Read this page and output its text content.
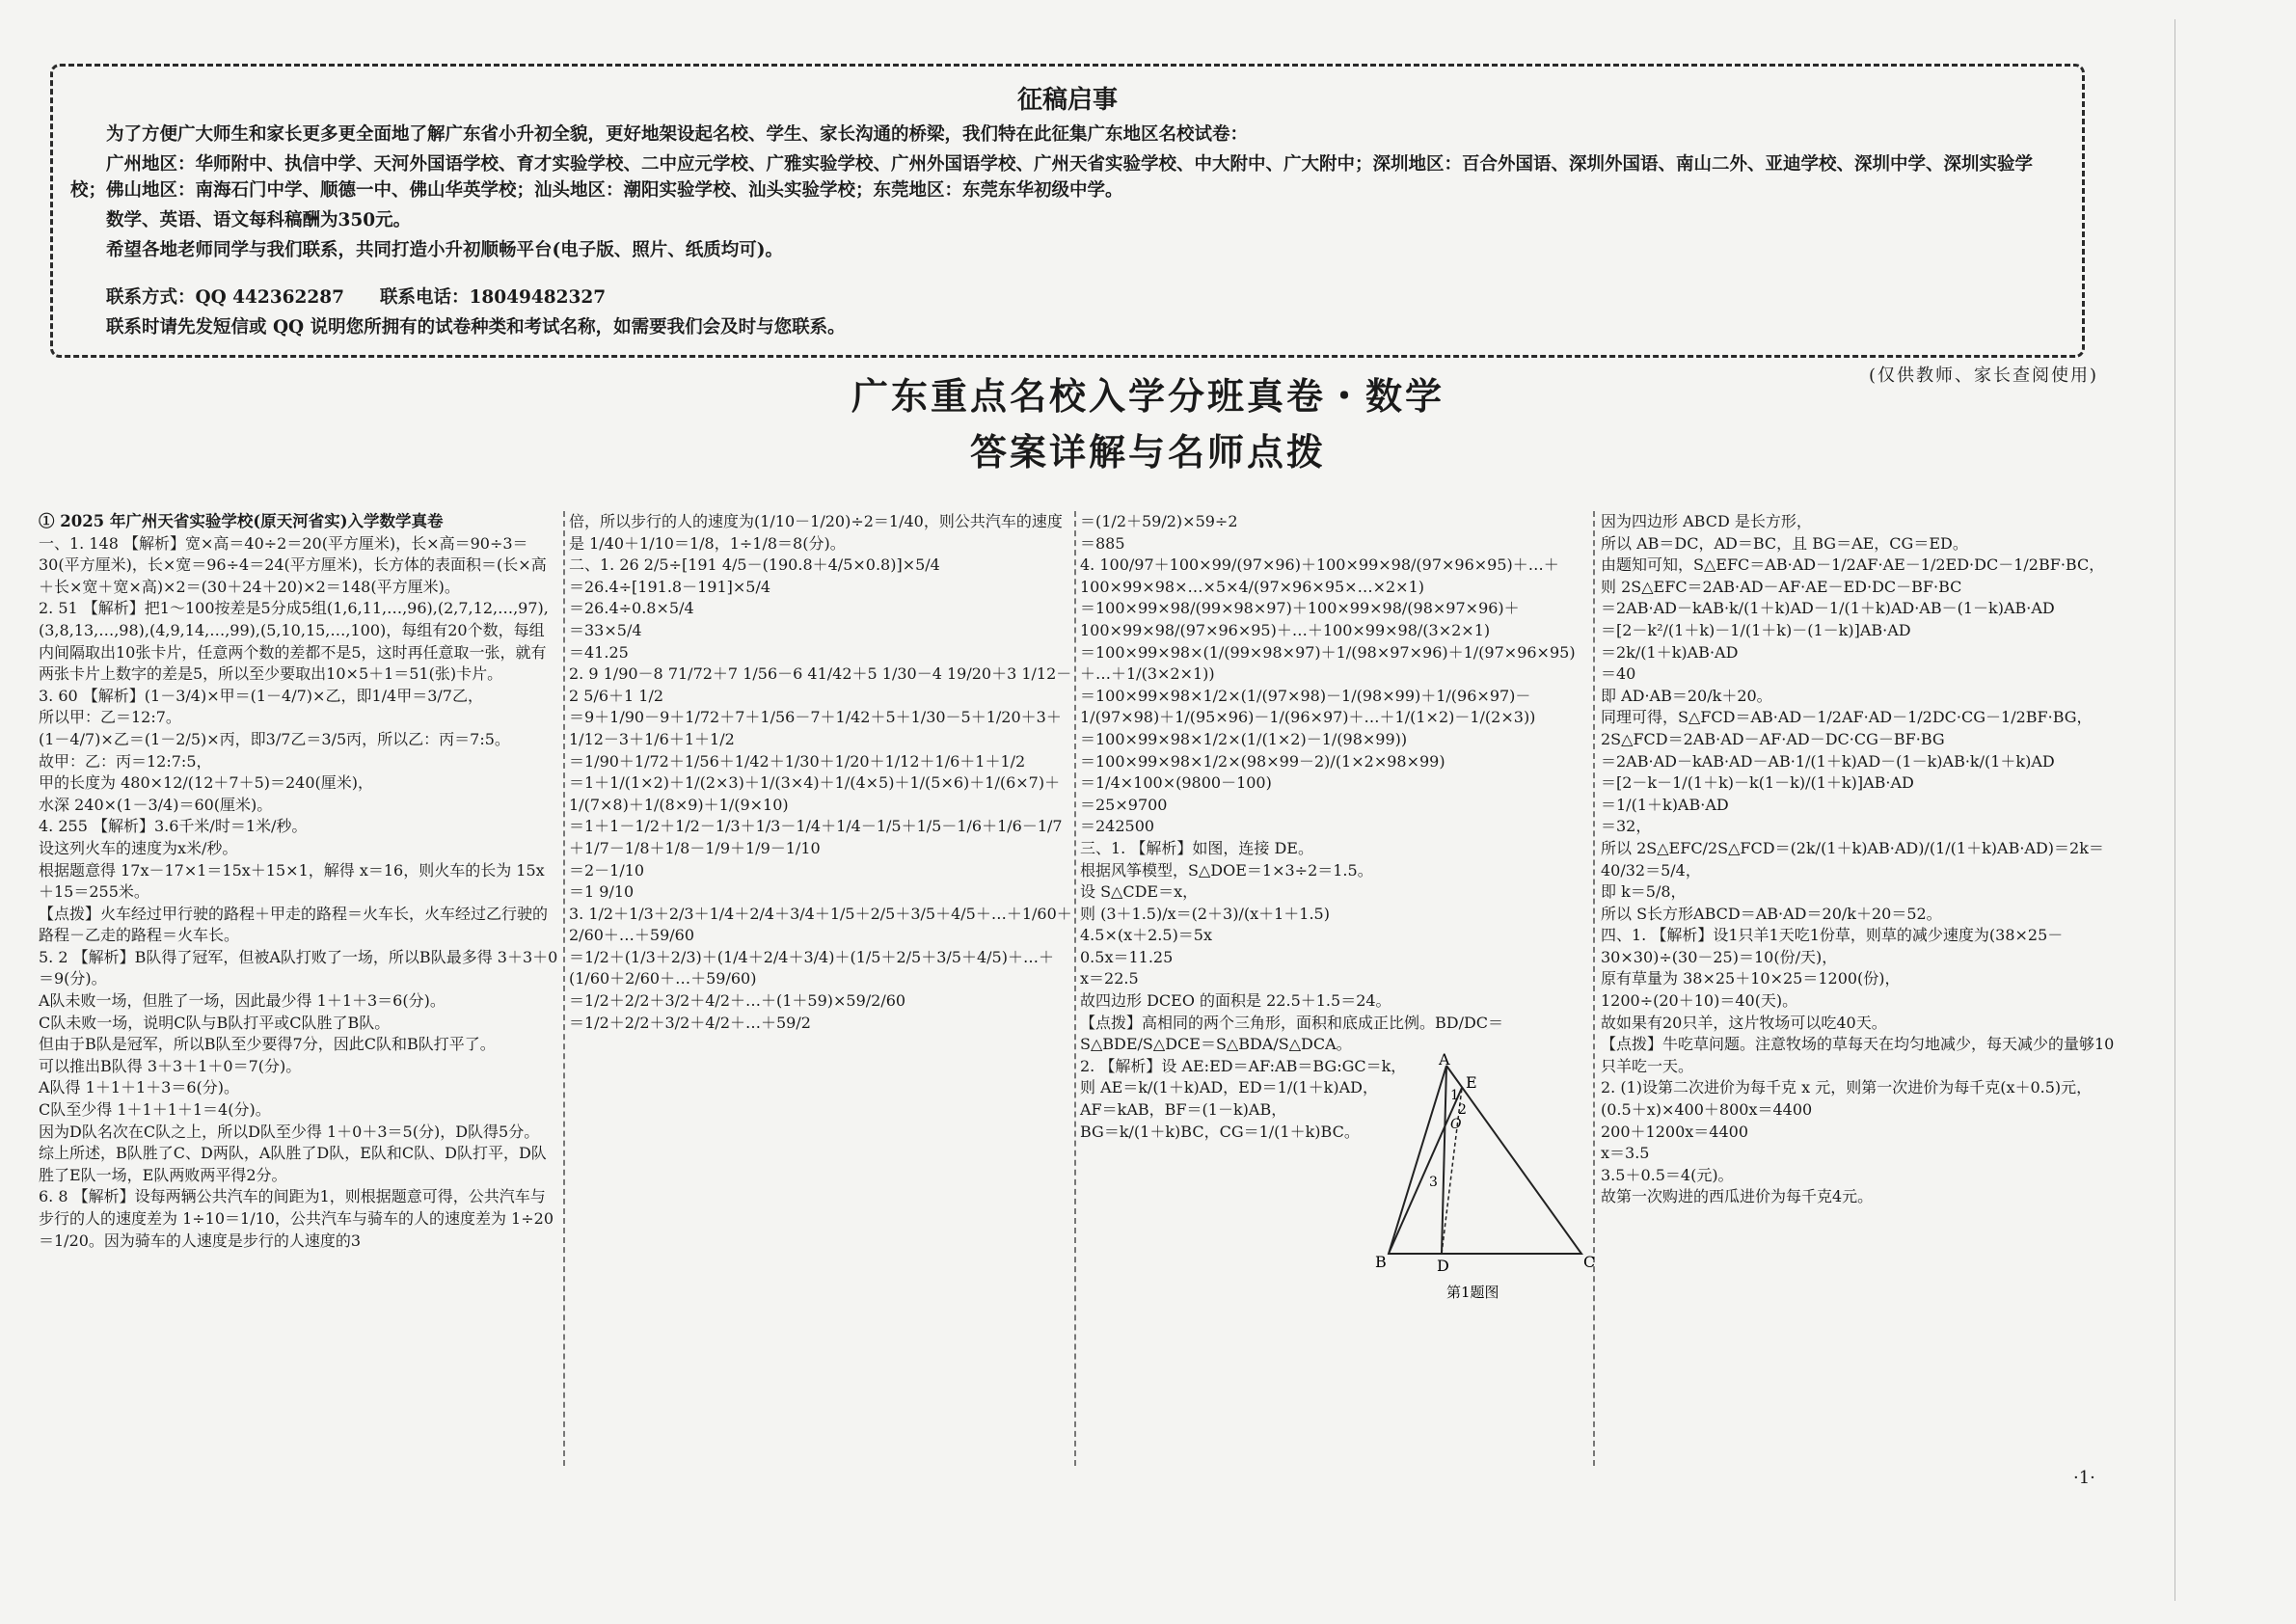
征稿启事

为了方便广大师生和家长更多更全面地了解广东省小升初全貌，更好地架设起名校、学生、家长沟通的桥梁，我们特在此征集广东地区名校试卷：

广州地区：华师附中、执信中学、天河外国语学校、育才实验学校、二中应元学校、广雅实验学校、广州外国语学校、广州天省实验学校、中大附中、广大附中；深圳地区：百合外国语、深圳外国语、南山二外、亚迪学校、深圳中学、深圳实验学校；佛山地区：南海石门中学、顺德一中、佛山华英学校；汕头地区：潮阳实验学校、汕头实验学校；东莞地区：东莞东华初级中学。

数学、英语、语文每科稿酬为350元。

希望各地老师同学与我们联系，共同打造小升初顺畅平台(电子版、照片、纸质均可)。

联系方式：QQ 442362287　　联系电话：18049482327

联系时请先发短信或 QQ 说明您所拥有的试卷种类和考试名称，如需要我们会及时与您联系。

(仅供教师、家长查阅使用)
广东重点名校入学分班真卷・数学
答案详解与名师点拨

① 2025 年广州天省实验学校(原天河省实)入学数学真卷

一、1. 148 【解析】宽×高＝40÷2＝20(平方厘米)，长×高＝90÷3＝30(平方厘米)，长×宽＝96÷4＝24(平方厘米)，长方体的表面积＝(长×高＋长×宽＋宽×高)×2＝(30＋24＋20)×2＝148(平方厘米)。

2. 51 【解析】把1～100按差是5分成5组(1,6,11,…,96),(2,7,12,…,97),(3,8,13,…,98),(4,9,14,…,99),(5,10,15,…,100)，每组有20个数，每组内间隔取出10张卡片，任意两个数的差都不是5，这时再任意取一张，就有两张卡片上数字的差是5，所以至少要取出10×5＋1＝51(张)卡片。

3. 60 【解析】(1－3/4)×甲＝(1－4/7)×乙，即1/4甲＝3/7乙，

所以甲：乙＝12:7。

(1－4/7)×乙＝(1－2/5)×丙，即3/7乙＝3/5丙，所以乙：丙＝7:5。

故甲：乙：丙＝12:7:5，

甲的长度为 480×12/(12＋7＋5)＝240(厘米)，

水深 240×(1－3/4)＝60(厘米)。

4. 255 【解析】3.6千米/时＝1米/秒。

设这列火车的速度为x米/秒。

根据题意得 17x－17×1＝15x＋15×1，解得 x＝16，则火车的长为 15x＋15＝255米。

【点拨】火车经过甲行驶的路程＋甲走的路程＝火车长，火车经过乙行驶的路程－乙走的路程＝火车长。

5. 2 【解析】B队得了冠军，但被A队打败了一场，所以B队最多得 3＋3＋0＝9(分)。

A队未败一场，但胜了一场，因此最少得 1＋1＋3＝6(分)。

C队未败一场，说明C队与B队打平或C队胜了B队。

但由于B队是冠军，所以B队至少要得7分，因此C队和B队打平了。

可以推出B队得 3＋3＋1＋0＝7(分)。

A队得 1＋1＋1＋3＝6(分)。

C队至少得 1＋1＋1＋1＝4(分)。

因为D队名次在C队之上，所以D队至少得 1＋0＋3＝5(分)，D队得5分。

综上所述，B队胜了C、D两队，A队胜了D队，E队和C队、D队打平，D队胜了E队一场，E队两败两平得2分。

6. 8 【解析】设每两辆公共汽车的间距为1，则根据题意可得，公共汽车与步行的人的速度差为 1÷10＝1/10，公共汽车与骑车的人的速度差为 1÷20＝1/20。因为骑车的人速度是步行的人速度的3

倍，所以步行的人的速度为(1/10－1/20)÷2＝1/40，则公共汽车的速度是 1/40＋1/10＝1/8，1÷1/8＝8(分)。

二、1. 26 2/5÷[191 4/5－(190.8＋4/5×0.8)]×5/4

＝26.4÷[191.8－191]×5/4

＝26.4÷0.8×5/4

＝33×5/4

＝41.25

2. 9 1/90－8 71/72＋7 1/56－6 41/42＋5 1/30－4 19/20＋3 1/12－2 5/6＋1 1/2

＝9＋1/90－9＋1/72＋7＋1/56－7＋1/42＋5＋1/30－5＋1/20＋3＋1/12－3＋1/6＋1＋1/2

＝1/90＋1/72＋1/56＋1/42＋1/30＋1/20＋1/12＋1/6＋1＋1/2

＝1＋1/(1×2)＋1/(2×3)＋1/(3×4)＋1/(4×5)＋1/(5×6)＋1/(6×7)＋1/(7×8)＋1/(8×9)＋1/(9×10)

＝1＋1－1/2＋1/2－1/3＋1/3－1/4＋1/4－1/5＋1/5－1/6＋1/6－1/7＋1/7－1/8＋1/8－1/9＋1/9－1/10

＝2－1/10

＝1 9/10

3. 1/2＋1/3＋2/3＋1/4＋2/4＋3/4＋1/5＋2/5＋3/5＋4/5＋…＋1/60＋2/60＋…＋59/60

＝1/2＋(1/3＋2/3)＋(1/4＋2/4＋3/4)＋(1/5＋2/5＋3/5＋4/5)＋…＋(1/60＋2/60＋…＋59/60)

＝1/2＋2/2＋3/2＋4/2＋…＋(1＋59)×59/2/60

＝1/2＋2/2＋3/2＋4/2＋…＋59/2

＝(1/2＋59/2)×59÷2

＝885

4. 100/97＋100×99/(97×96)＋100×99×98/(97×96×95)＋…＋100×99×98×…×5×4/(97×96×95×…×2×1)

＝100×99×98/(99×98×97)＋100×99×98/(98×97×96)＋100×99×98/(97×96×95)＋…＋100×99×98/(3×2×1)

＝100×99×98×(1/(99×98×97)＋1/(98×97×96)＋1/(97×96×95)＋…＋1/(3×2×1))

＝100×99×98×1/2×(1/(97×98)－1/(98×99)＋1/(96×97)－1/(97×98)＋1/(95×96)－1/(96×97)＋…＋1/(1×2)－1/(2×3))

＝100×99×98×1/2×(1/(1×2)－1/(98×99))

＝100×99×98×1/2×(98×99－2)/(1×2×98×99)

＝1/4×100×(9800－100)

＝25×9700

＝242500

三、1. 【解析】如图，连接 DE。

根据风筝模型，S△DOE＝1×3÷2＝1.5。

设 S△CDE＝x，

则 (3＋1.5)/x＝(2＋3)/(x＋1＋1.5)

4.5×(x＋2.5)＝5x

0.5x＝11.25

x＝22.5

故四边形 DCEO 的面积是 22.5＋1.5＝24。

【点拨】高相同的两个三角形，面积和底成正比例。BD/DC＝S△BDE/S△DCE＝S△BDA/S△DCA。

2. 【解析】设 AE:ED＝AF:AB＝BG:GC＝k，

则 AE＝k/(1＋k)AD，ED＝1/(1＋k)AD，

AF＝kAB，BF＝(1－k)AB，

BG＝k/(1＋k)BC，CG＝1/(1＋k)BC。

因为四边形 ABCD 是长方形，

所以 AB＝DC，AD＝BC，且 BG＝AE，CG＝ED。

由题知可知，S△EFC＝AB·AD－1/2AF·AE－1/2ED·DC－1/2BF·BC，

则 2S△EFC＝2AB·AD－AF·AE－ED·DC－BF·BC

＝2AB·AD－kAB·k/(1＋k)AD－1/(1＋k)AD·AB－(1－k)AB·AD

＝[2－k²/(1＋k)－1/(1＋k)－(1－k)]AB·AD

＝2k/(1＋k)AB·AD

＝40

即 AD·AB＝20/k＋20。

同理可得，S△FCD＝AB·AD－1/2AF·AD－1/2DC·CG－1/2BF·BG，

2S△FCD＝2AB·AD－AF·AD－DC·CG－BF·BG

＝2AB·AD－kAB·AD－AB·1/(1＋k)AD－(1－k)AB·k/(1＋k)AD

＝[2－k－1/(1＋k)－k(1－k)/(1＋k)]AB·AD

＝1/(1＋k)AB·AD

＝32，

所以 2S△EFC/2S△FCD＝(2k/(1＋k)AB·AD)/(1/(1＋k)AB·AD)＝2k＝40/32＝5/4，

即 k＝5/8，

所以 S长方形ABCD＝AB·AD＝20/k＋20＝52。

四、1. 【解析】设1只羊1天吃1份草，则草的减少速度为(38×25－30×30)÷(30－25)＝10(份/天)，

原有草量为 38×25＋10×25＝1200(份)，

1200÷(20＋10)＝40(天)。

故如果有20只羊，这片牧场可以吃40天。

【点拨】牛吃草问题。注意牧场的草每天在均匀地减少，每天减少的量够10只羊吃一天。

2. (1)设第二次进价为每千克 x 元，则第一次进价为每千克(x＋0.5)元，

(0.5＋x)×400＋800x＝4400

200＋1200x＝4400

x＝3.5

3.5＋0.5＝4(元)。

故第一次购进的西瓜进价为每千克4元。

A
E
O
B	D	C
1
2
3
第1题图
·1·
